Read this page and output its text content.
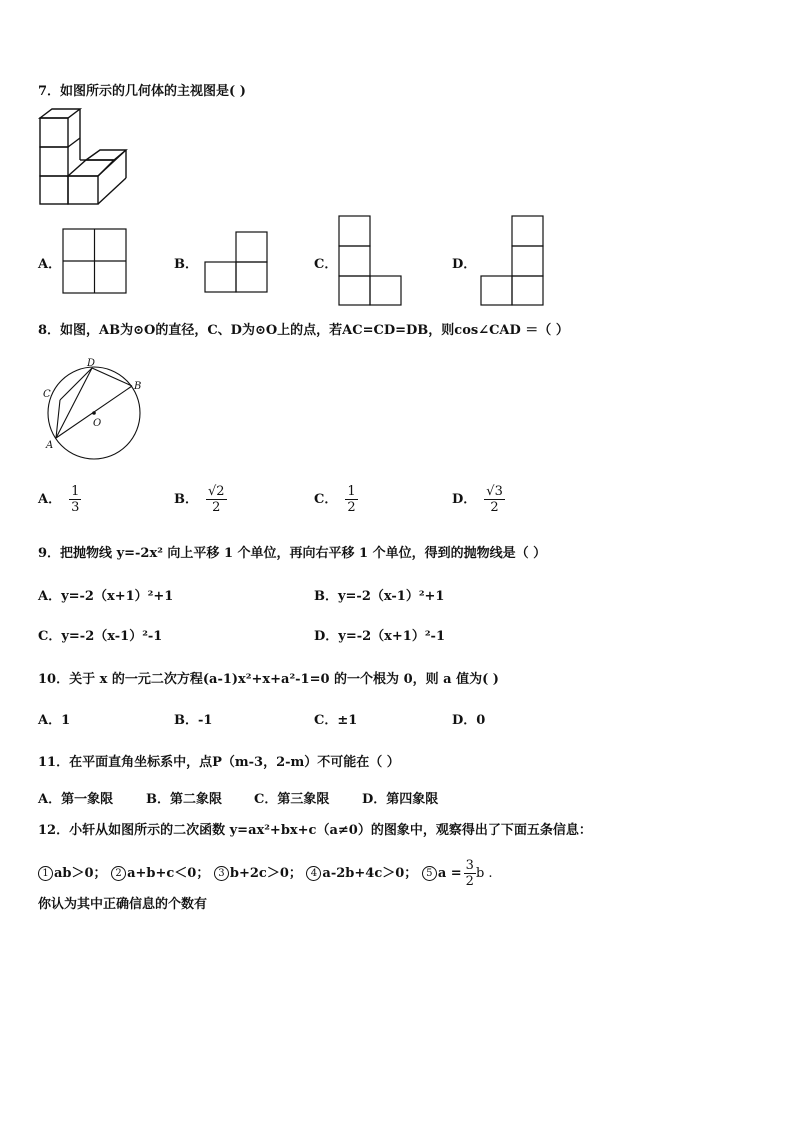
7．如图所示的几何体的主视图是( )
A．	B．	C．	D．
8．如图，AB为⊙O的直径，C、D为⊙O上的点，若AC=CD=DB，则cos∠CAD ＝（ ）
D
B
C
A
O
A． $\frac{1}{3}$	B． $\frac{√2}{2}$	C． $\frac{1}{2}$	D． $\frac{√3}{2}$
9．把抛物线 y=-2x² 向上平移 1 个单位，再向右平移 1 个单位，得到的抛物线是（ ）
A．y=-2（x+1）²+1	B．y=-2（x-1）²+1
C．y=-2（x-1）²-1	D．y=-2（x+1）²-1
10．关于 x 的一元二次方程(a-1)x²+x+a²-1=0 的一个根为 0，则 a 值为( )
A．1	B．-1	C．±1	D．0
11．在平面直角坐标系中，点P（m-3，2-m）不可能在（ ）
A．第一象限	B．第二象限 C．第三象限	D．第四象限
12．小轩从如图所示的二次函数 y=ax²+bx+c（a≠0）的图象中，观察得出了下面五条信息：
1 ab＞0； 2 a+b+c＜0； 3 b+2c＞0； 4 a-2b+4c＞0； 5 $a = \frac{3}{2}$ b .
你认为其中正确信息的个数有
